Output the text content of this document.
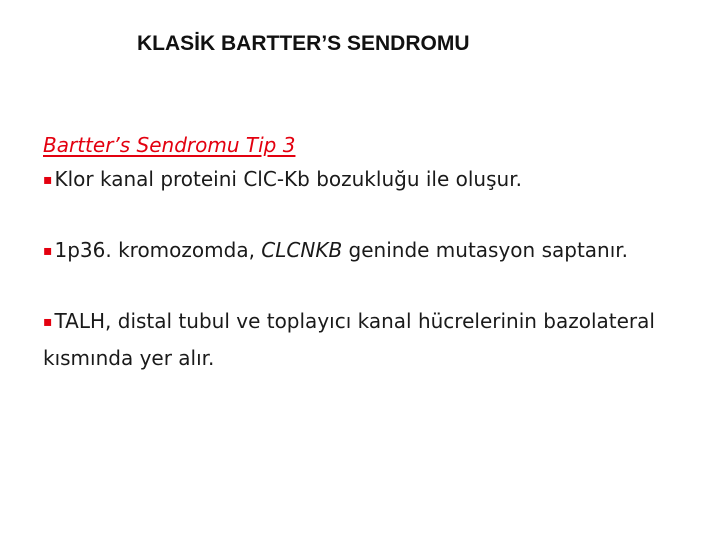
KLASİK BARTTER’S SENDROMU
Bartter’s Sendromu Tip 3

▪ Klor kanal proteini ClC-Kb bozukluğu ile oluşur.

▪ 1p36. kromozomda, CLCNKB geninde mutasyon saptanır.

▪ TALH, distal tubul ve toplayıcı kanal hücrelerinin bazolateral kısmında yer alır.
